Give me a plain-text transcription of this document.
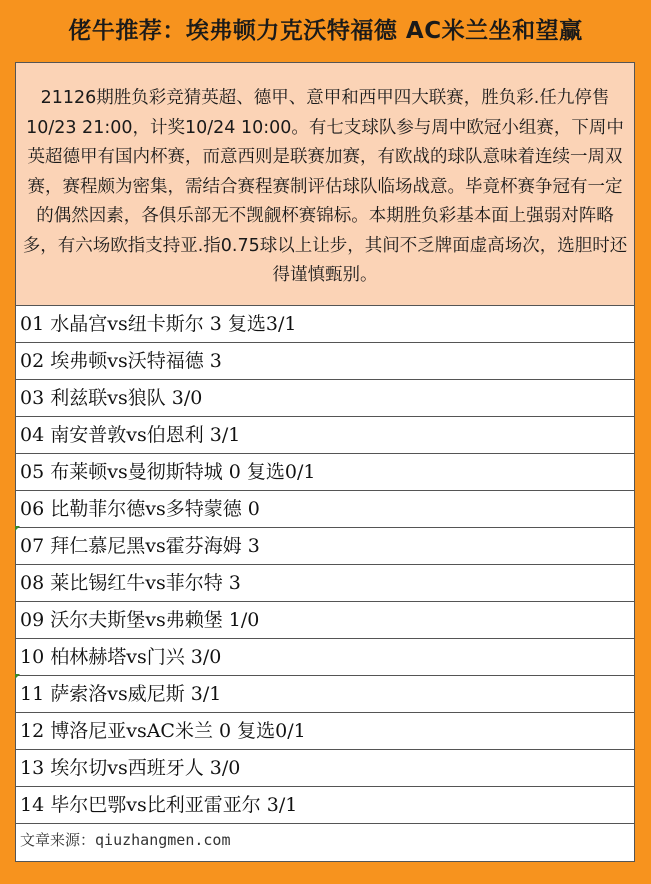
佬牛推荐：埃弗顿力克沃特福德 AC米兰坐和望赢
21126期胜负彩竞猜英超、德甲、意甲和西甲四大联赛，胜负彩.任九停售10/23 21:00，计奖10/24 10:00。有七支球队参与周中欧冠小组赛，下周中英超德甲有国内杯赛，而意西则是联赛加赛，有欧战的球队意味着连续一周双赛，赛程颇为密集，需结合赛程赛制评估球队临场战意。毕竟杯赛争冠有一定的偶然因素，各俱乐部无不觊觎杯赛锦标。本期胜负彩基本面上强弱对阵略多，有六场欧指支持亚.指0.75球以上让步，其间不乏牌面虚高场次，选胆时还得谨慎甄别。
01 水晶宫vs纽卡斯尔 3 复选3/1
02 埃弗顿vs沃特福德 3
03 利兹联vs狼队 3/0
04 南安普敦vs伯恩利 3/1
05 布莱顿vs曼彻斯特城 0 复选0/1
06 比勒菲尔德vs多特蒙德 0
07 拜仁慕尼黑vs霍芬海姆 3
08 莱比锡红牛vs菲尔特 3
09 沃尔夫斯堡vs弗赖堡 1/0
10 柏林赫塔vs门兴 3/0
11 萨索洛vs威尼斯 3/1
12 博洛尼亚vsAC米兰 0 复选0/1
13 埃尔切vs西班牙人 3/0
14 毕尔巴鄂vs比利亚雷亚尔 3/1
文章来源：qiuzhangmen.com
